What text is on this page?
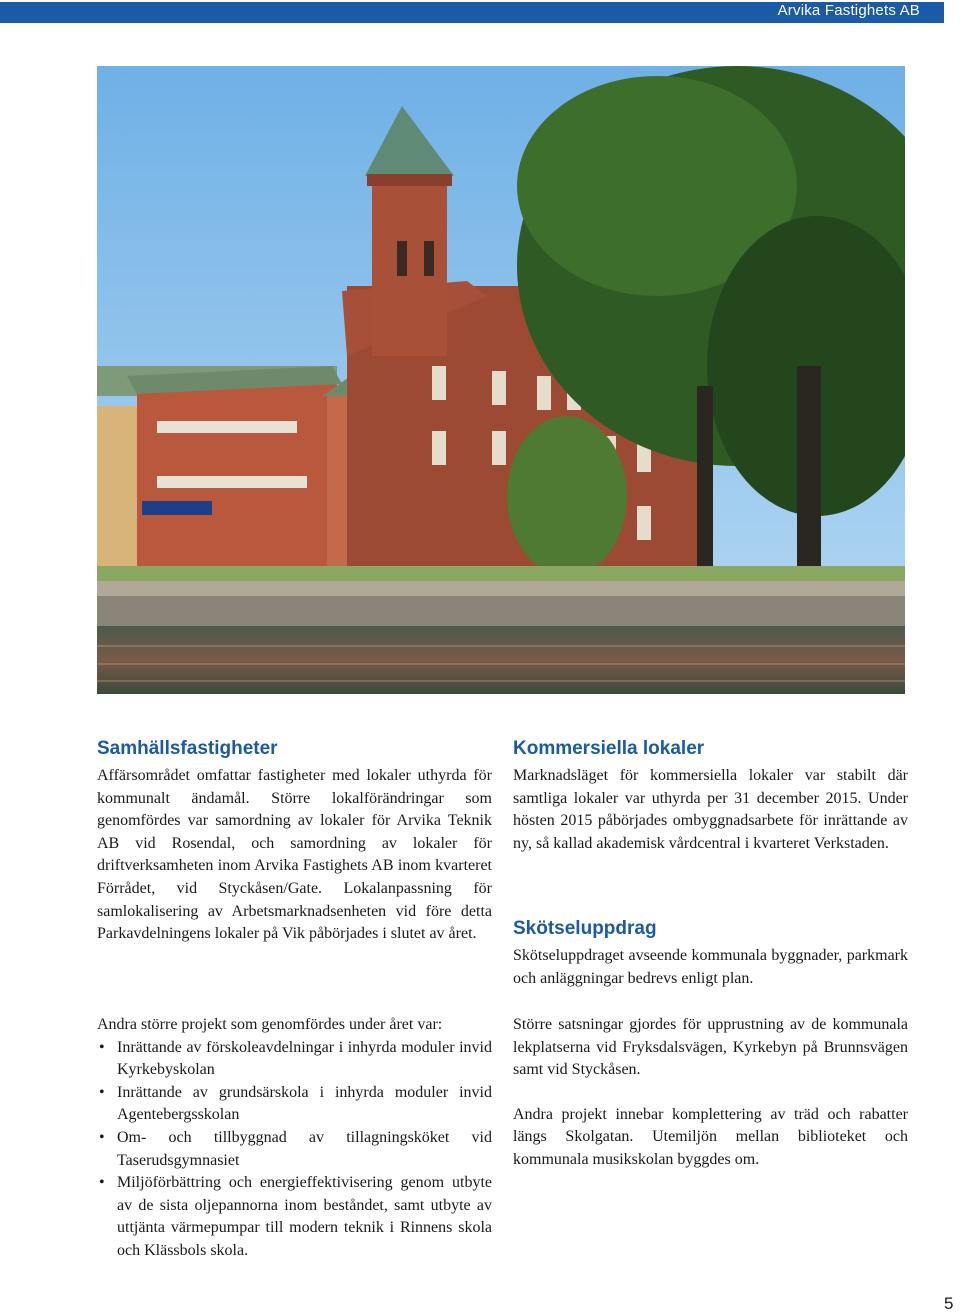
Arvika Fastighets AB
Samhällsfastigheter

Affärsområdet omfattar fastigheter med lokaler uthyrda för kommunalt ändamål. Större lokalförändringar som genomfördes var samordning av lokaler för Arvika Teknik AB vid Rosendal, och samordning av lokaler för driftverksamheten inom Arvika Fastighets AB inom kvarteret Förrådet, vid Styckåsen/Gate. Lokalanpassning för samlokalisering av Arbetsmarknadsenheten vid före detta Parkavdelningens lokaler på Vik påbörjades i slutet av året.

Andra större projekt som genomfördes under året var:

• Inrättande av förskoleavdelningar i inhyrda moduler invid Kyrkebyskolan
• Inrättande av grundsärskola i inhyrda moduler invid Agentebergsskolan
• Om- och tillbyggnad av tillagningsköket vid Taserudsgymnasiet
• Miljöförbättring och energieffektivisering genom utbyte av de sista oljepannorna inom beståndet, samt utbyte av uttjänta värmepumpar till modern teknik i Rinnens skola och Klässbols skola.
Kommersiella lokaler

Marknadsläget för kommersiella lokaler var stabilt där samtliga lokaler var uthyrda per 31 december 2015. Under hösten 2015 påbörjades ombyggnadsarbete för inrättande av ny, så kallad akademisk vårdcentral i kvarteret Verkstaden.

Skötseluppdrag

Skötseluppdraget avseende kommunala byggnader, parkmark och anläggningar bedrevs enligt plan.

Större satsningar gjordes för upprustning av de kommunala lekplatserna vid Fryksdalsvägen, Kyrkebyn på Brunnsvägen samt vid Styckåsen.

Andra projekt innebar komplettering av träd och rabatter längs Skolgatan. Utemiljön mellan biblioteket och kommunala musikskolan byggdes om.

5
